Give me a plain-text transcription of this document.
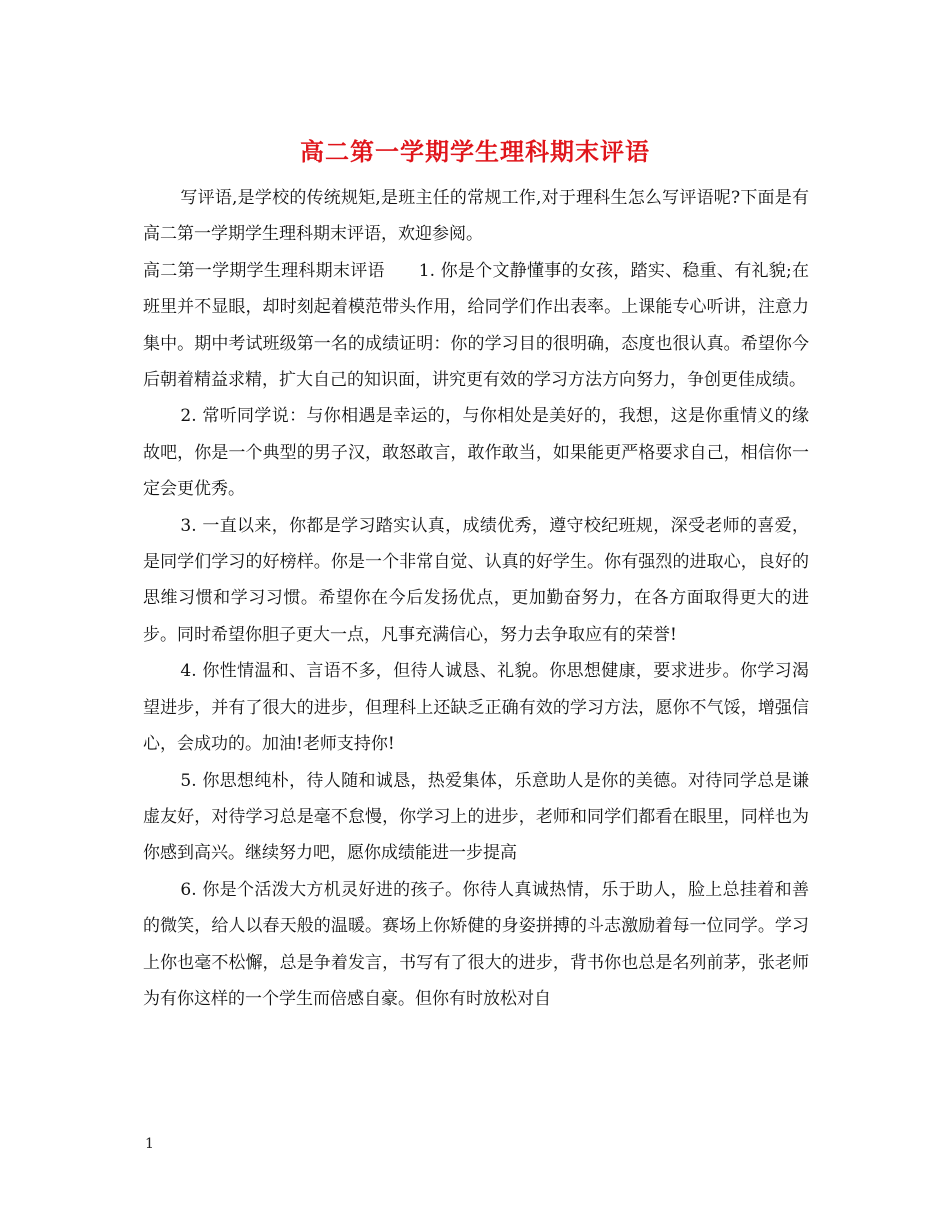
高二第一学期学生理科期末评语

写评语,是学校的传统规矩,是班主任的常规工作,对于理科生怎么写评语呢?下面是有高二第一学期学生理科期末评语，欢迎参阅。

高二第一学期学生理科期末评语 1. 你是个文静懂事的女孩，踏实、稳重、有礼貌;在班里并不显眼，却时刻起着模范带头作用，给同学们作出表率。上课能专心听讲，注意力集中。期中考试班级第一名的成绩证明：你的学习目的很明确，态度也很认真。希望你今后朝着精益求精，扩大自己的知识面，讲究更有效的学习方法方向努力，争创更佳成绩。

2. 常听同学说：与你相遇是幸运的，与你相处是美好的，我想，这是你重情义的缘故吧，你是一个典型的男子汉，敢怒敢言，敢作敢当，如果能更严格要求自己，相信你一定会更优秀。

3. 一直以来，你都是学习踏实认真，成绩优秀，遵守校纪班规，深受老师的喜爱，是同学们学习的好榜样。你是一个非常自觉、认真的好学生。你有强烈的进取心，良好的思维习惯和学习习惯。希望你在今后发扬优点，更加勤奋努力，在各方面取得更大的进步。同时希望你胆子更大一点，凡事充满信心，努力去争取应有的荣誉!

4. 你性情温和、言语不多，但待人诚恳、礼貌。你思想健康，要求进步。你学习渴望进步，并有了很大的进步，但理科上还缺乏正确有效的学习方法，愿你不气馁，增强信心，会成功的。加油!老师支持你!

5. 你思想纯朴，待人随和诚恳，热爱集体，乐意助人是你的美德。对待同学总是谦虚友好，对待学习总是毫不怠慢，你学习上的进步，老师和同学们都看在眼里，同样也为你感到高兴。继续努力吧，愿你成绩能进一步提高

6. 你是个活泼大方机灵好进的孩子。你待人真诚热情，乐于助人，脸上总挂着和善的微笑，给人以春天般的温暖。赛场上你矫健的身姿拼搏的斗志激励着每一位同学。学习上你也毫不松懈，总是争着发言，书写有了很大的进步，背书你也总是名列前茅，张老师为有你这样的一个学生而倍感自豪。但你有时放松对自

1
